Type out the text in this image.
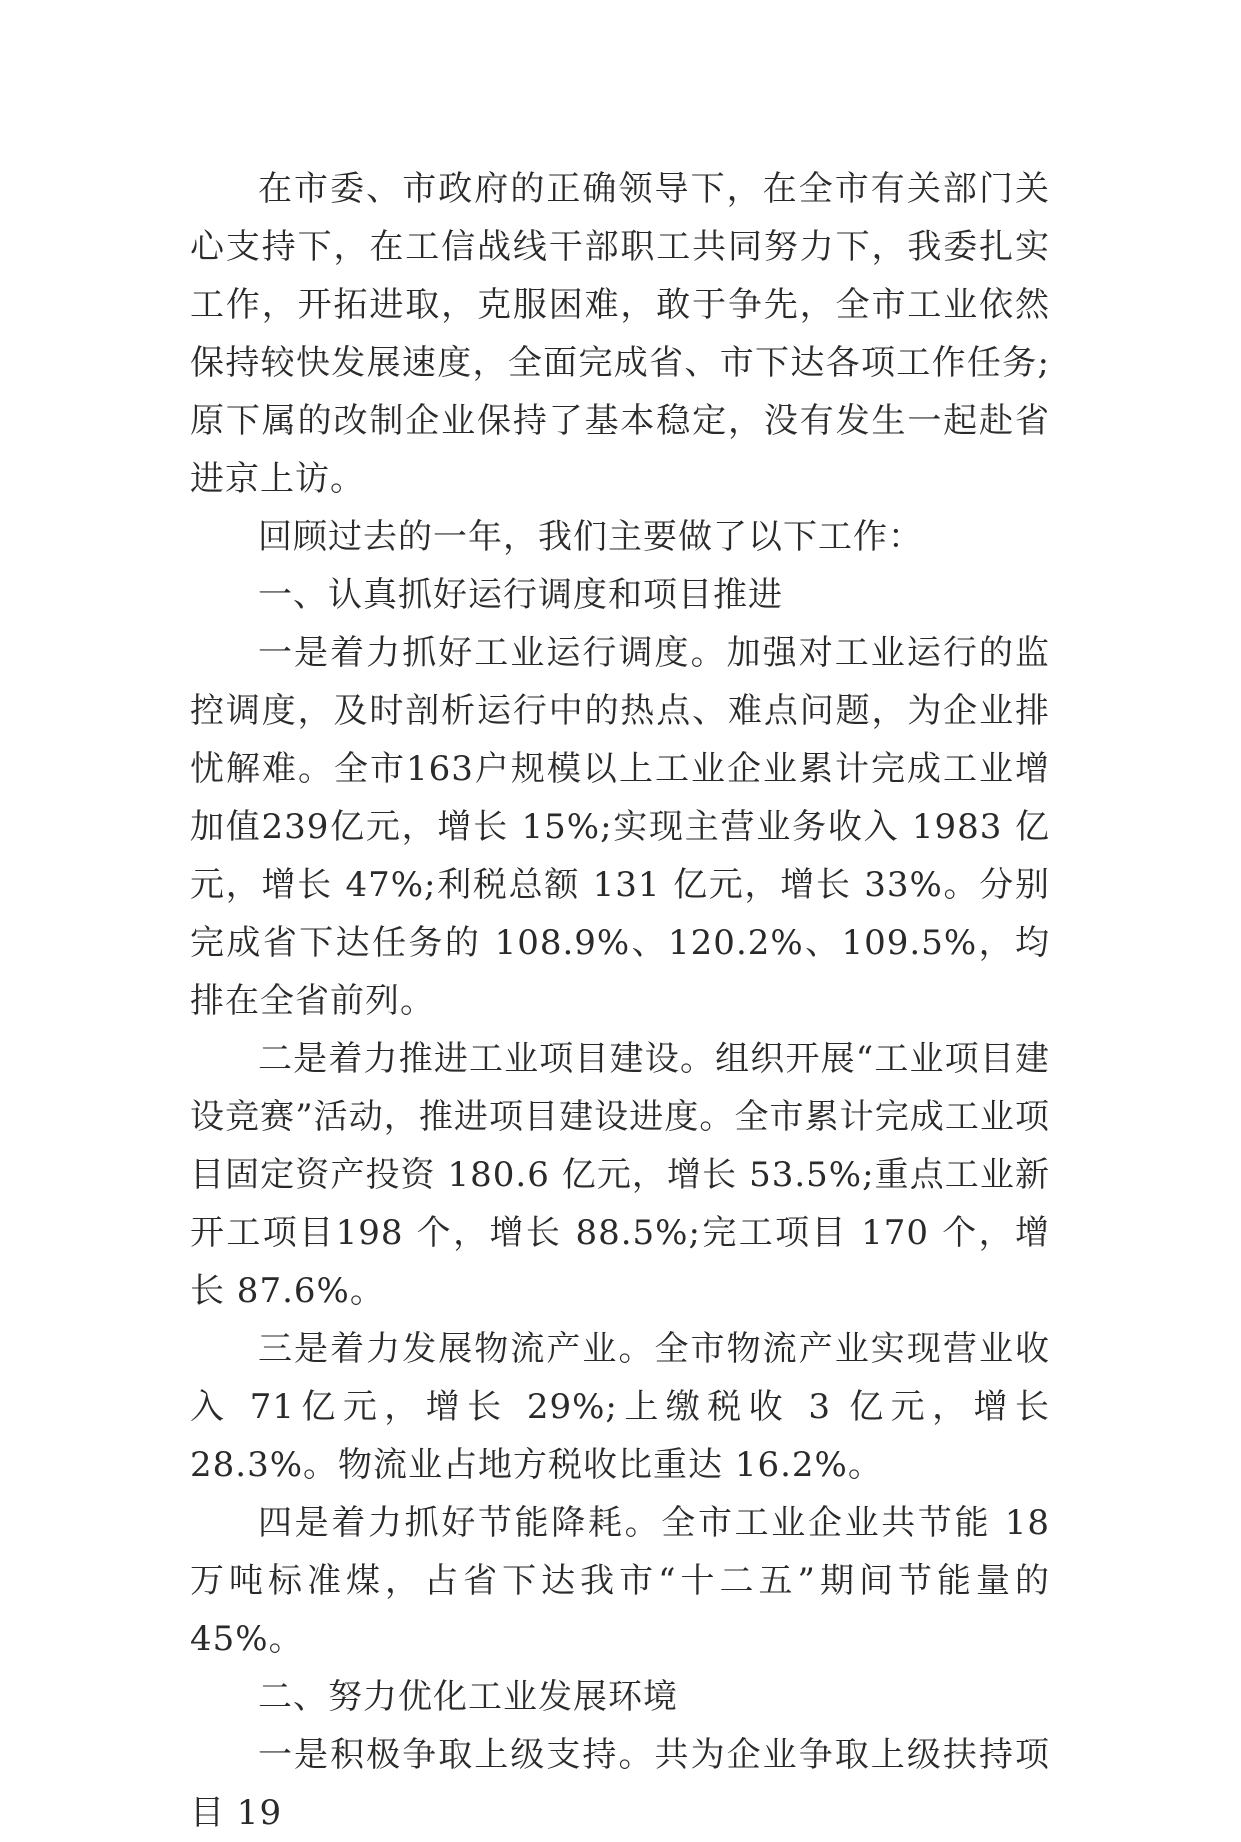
在市委、市政府的正确领导下，在全市有关部门关心支持下，在工信战线干部职工共同努力下，我委扎实工作，开拓进取，克服困难，敢于争先，全市工业依然保持较快发展速度，全面完成省、市下达各项工作任务;原下属的改制企业保持了基本稳定，没有发生一起赴省进京上访。

回顾过去的一年，我们主要做了以下工作：

一、认真抓好运行调度和项目推进

一是着力抓好工业运行调度。加强对工业运行的监控调度，及时剖析运行中的热点、难点问题，为企业排忧解难。全市163户规模以上工业企业累计完成工业增加值239亿元，增长 15%;实现主营业务收入 1983 亿元，增长 47%;利税总额 131 亿元，增长 33%。分别完成省下达任务的 108.9%、120.2%、109.5%，均排在全省前列。

二是着力推进工业项目建设。组织开展“工业项目建设竞赛”活动，推进项目建设进度。全市累计完成工业项目固定资产投资 180.6 亿元，增长 53.5%;重点工业新开工项目198 个，增长 88.5%;完工项目 170 个，增长 87.6%。

三是着力发展物流产业。全市物流产业实现营业收入 71亿元，增长 29%;上缴税收 3 亿元，增长 28.3%。物流业占地方税收比重达 16.2%。

四是着力抓好节能降耗。全市工业企业共节能 18 万吨标准煤，占省下达我市“十二五”期间节能量的 45%。

二、努力优化工业发展环境

一是积极争取上级支持。共为企业争取上级扶持项目 19
